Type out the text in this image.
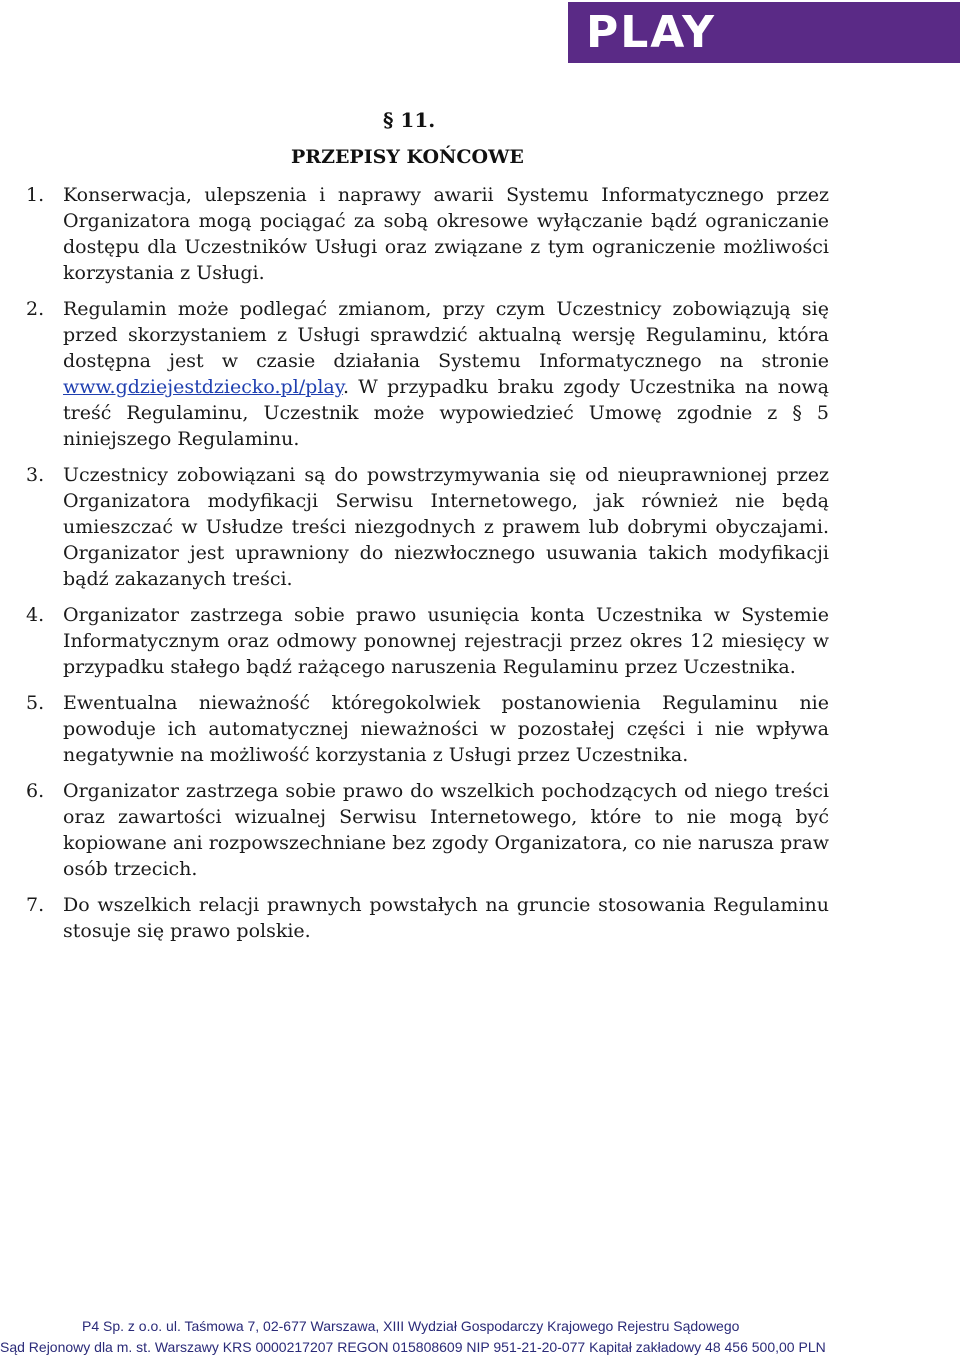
PLAY
§ 11.
PRZEPISY KOŃCOWE
1. Konserwacja, ulepszenia i naprawy awarii Systemu Informatycznego przez Organizatora mogą pociągać za sobą okresowe wyłączanie bądź ograniczanie dostępu dla Uczestników Usługi oraz związane z tym ograniczenie możliwości korzystania z Usługi.
2. Regulamin może podlegać zmianom, przy czym Uczestnicy zobowiązują się przed skorzystaniem z Usługi sprawdzić aktualną wersję Regulaminu, która dostępna jest w czasie działania Systemu Informatycznego na stronie www.gdziejestdziecko.pl/play. W przypadku braku zgody Uczestnika na nową treść Regulaminu, Uczestnik może wypowiedzieć Umowę zgodnie z § 5 niniejszego Regulaminu.
3. Uczestnicy zobowiązani są do powstrzymywania się od nieuprawnionej przez Organizatora modyfikacji Serwisu Internetowego, jak również nie będą umieszczać w Usłudze treści niezgodnych z prawem lub dobrymi obyczajami. Organizator jest uprawniony do niezwłocznego usuwania takich modyfikacji bądź zakazanych treści.
4. Organizator zastrzega sobie prawo usunięcia konta Uczestnika w Systemie Informatycznym oraz odmowy ponownej rejestracji przez okres 12 miesięcy w przypadku stałego bądź rażącego naruszenia Regulaminu przez Uczestnika.
5. Ewentualna nieważność któregokolwiek postanowienia Regulaminu nie powoduje ich automatycznej nieważności w pozostałej części i nie wpływa negatywnie na możliwość korzystania z Usługi przez Uczestnika.
6. Organizator zastrzega sobie prawo do wszelkich pochodzących od niego treści oraz zawartości wizualnej Serwisu Internetowego, które to nie mogą być kopiowane ani rozpowszechniane bez zgody Organizatora, co nie narusza praw osób trzecich.
7. Do wszelkich relacji prawnych powstałych na gruncie stosowania Regulaminu stosuje się prawo polskie.
P4 Sp. z o.o. ul. Taśmowa 7, 02-677 Warszawa, XIII Wydział Gospodarczy Krajowego Rejestru Sądowego
Sąd Rejonowy dla m. st. Warszawy KRS 0000217207 REGON 015808609 NIP 951-21-20-077 Kapitał zakładowy 48 456 500,00 PLN
